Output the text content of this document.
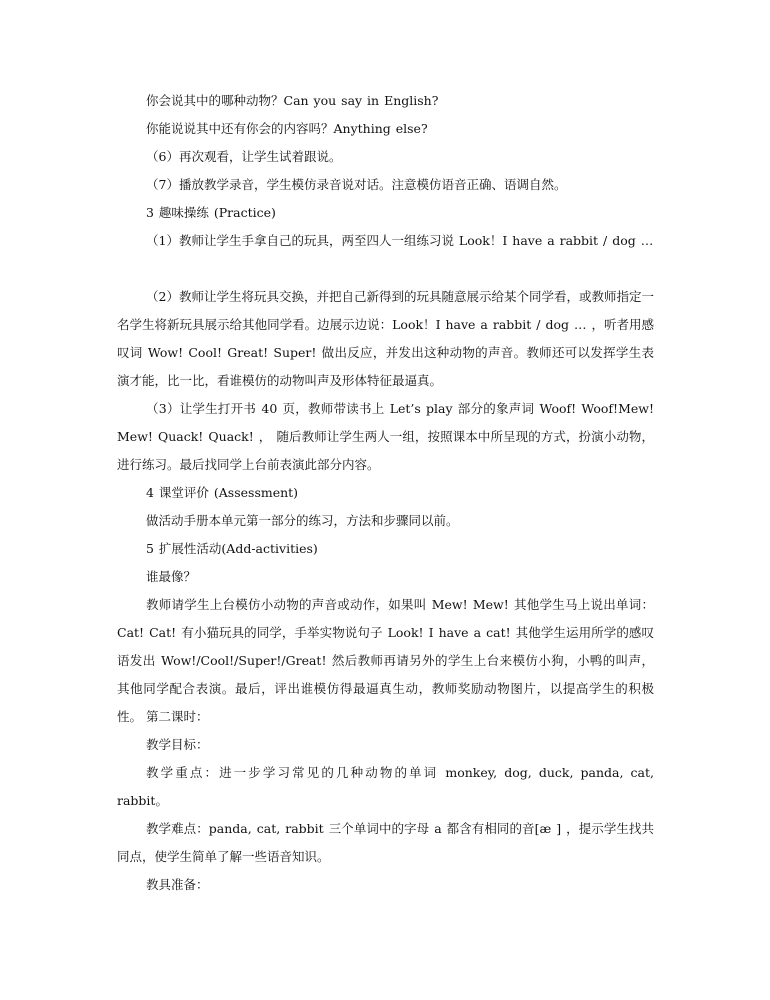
你会说其中的哪种动物？Can you say in English?

你能说说其中还有你会的内容吗？Anything else?

（6）再次观看，让学生试着跟说。

（7）播放教学录音，学生模仿录音说对话。注意模仿语音正确、语调自然。

3 趣味操练 (Practice)

（1）教师让学生手拿自己的玩具，两至四人一组练习说 Look！I have a rabbit / dog …

（2）教师让学生将玩具交换，并把自己新得到的玩具随意展示给某个同学看，或教师指定一名学生将新玩具展示给其他同学看。边展示边说：Look！I have a rabbit / dog … ，听者用感叹词 Wow! Cool! Great! Super! 做出反应，并发出这种动物的声音。教师还可以发挥学生表演才能，比一比，看谁模仿的动物叫声及形体特征最逼真。

（3）让学生打开书 40 页，教师带读书上 Let’s play 部分的象声词 Woof! Woof!Mew! Mew! Quack! Quack! ， 随后教师让学生两人一组，按照课本中所呈现的方式，扮演小动物，进行练习。最后找同学上台前表演此部分内容。

4 课堂评价 (Assessment)

做活动手册本单元第一部分的练习，方法和步骤同以前。

5 扩展性活动(Add-activities)

谁最像？

教师请学生上台模仿小动物的声音或动作，如果叫 Mew! Mew! 其他学生马上说出单词：Cat! Cat! 有小猫玩具的同学，手举实物说句子 Look! I have a cat! 其他学生运用所学的感叹语发出 Wow!/Cool!/Super!/Great! 然后教师再请另外的学生上台来模仿小狗，小鸭的叫声，其他同学配合表演。最后，评出谁模仿得最逼真生动，教师奖励动物图片，以提高学生的积极性。 第二课时：

教学目标：

教学重点：进一步学习常见的几种动物的单词 monkey, dog, duck, panda, cat, rabbit。

教学难点：panda, cat, rabbit 三个单词中的字母 a 都含有相同的音[æ ] ，提示学生找共同点，使学生简单了解一些语音知识。

教具准备：
